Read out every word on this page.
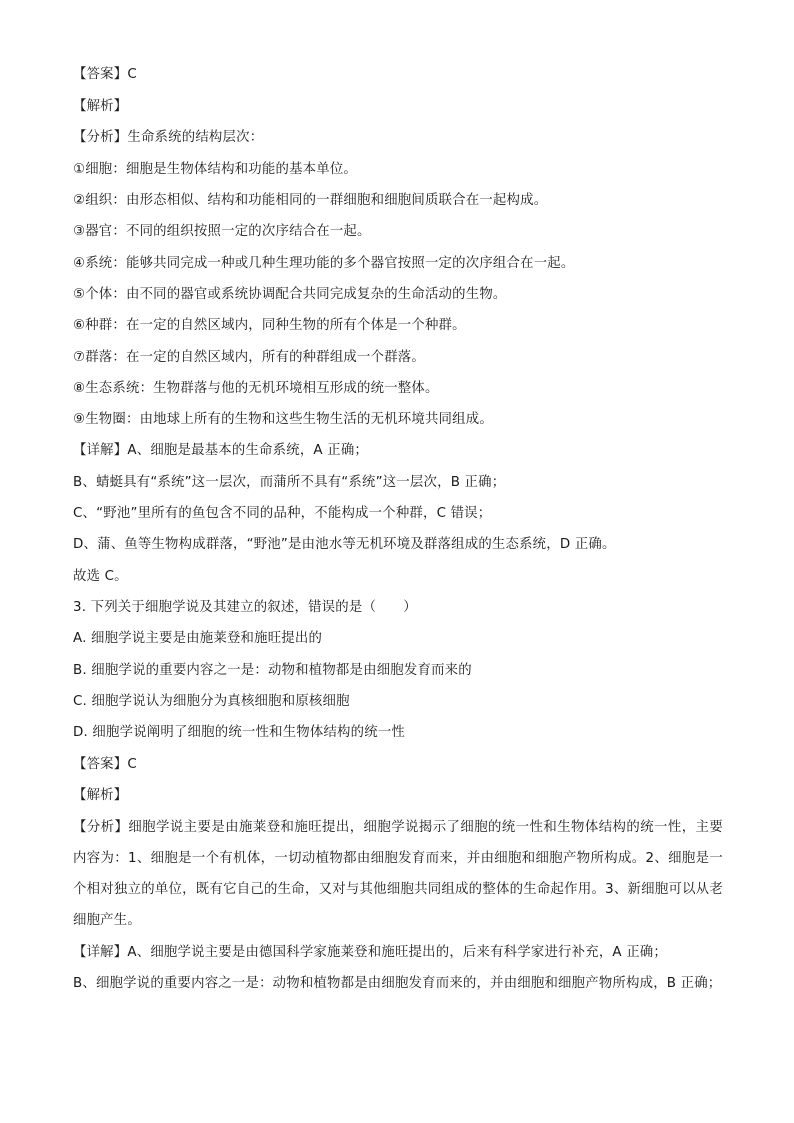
【答案】C
【解析】
【分析】生命系统的结构层次：
①细胞：细胞是生物体结构和功能的基本单位。
②组织：由形态相似、结构和功能相同的一群细胞和细胞间质联合在一起构成。
③器官：不同的组织按照一定的次序结合在一起。
④系统：能够共同完成一种或几种生理功能的多个器官按照一定的次序组合在一起。
⑤个体：由不同的器官或系统协调配合共同完成复杂的生命活动的生物。
⑥种群：在一定的自然区域内，同种生物的所有个体是一个种群。
⑦群落：在一定的自然区域内，所有的种群组成一个群落。
⑧生态系统：生物群落与他的无机环境相互形成的统一整体。
⑨生物圈：由地球上所有的生物和这些生物生活的无机环境共同组成。
【详解】A、细胞是最基本的生命系统，A 正确；
B、蜻蜓具有“系统”这一层次，而蒲所不具有“系统”这一层次，B 正确；
C、“野池”里所有的鱼包含不同的品种，不能构成一个种群，C 错误；
D、蒲、鱼等生物构成群落，“野池”是由池水等无机环境及群落组成的生态系统，D 正确。
故选 C。
3. 下列关于细胞学说及其建立的叙述，错误的是（　　）
A. 细胞学说主要是由施莱登和施旺提出的
B. 细胞学说的重要内容之一是：动物和植物都是由细胞发育而来的
C. 细胞学说认为细胞分为真核细胞和原核细胞
D. 细胞学说阐明了细胞的统一性和生物体结构的统一性
【答案】C
【解析】
【分析】细胞学说主要是由施莱登和施旺提出，细胞学说揭示了细胞的统一性和生物体结构的统一性，主要内容为：1、细胞是一个有机体，一切动植物都由细胞发育而来，并由细胞和细胞产物所构成。2、细胞是一个相对独立的单位，既有它自己的生命，又对与其他细胞共同组成的整体的生命起作用。3、新细胞可以从老细胞产生。
【详解】A、细胞学说主要是由德国科学家施莱登和施旺提出的，后来有科学家进行补充，A 正确；
B、细胞学说的重要内容之一是：动物和植物都是由细胞发育而来的，并由细胞和细胞产物所构成，B 正确；
